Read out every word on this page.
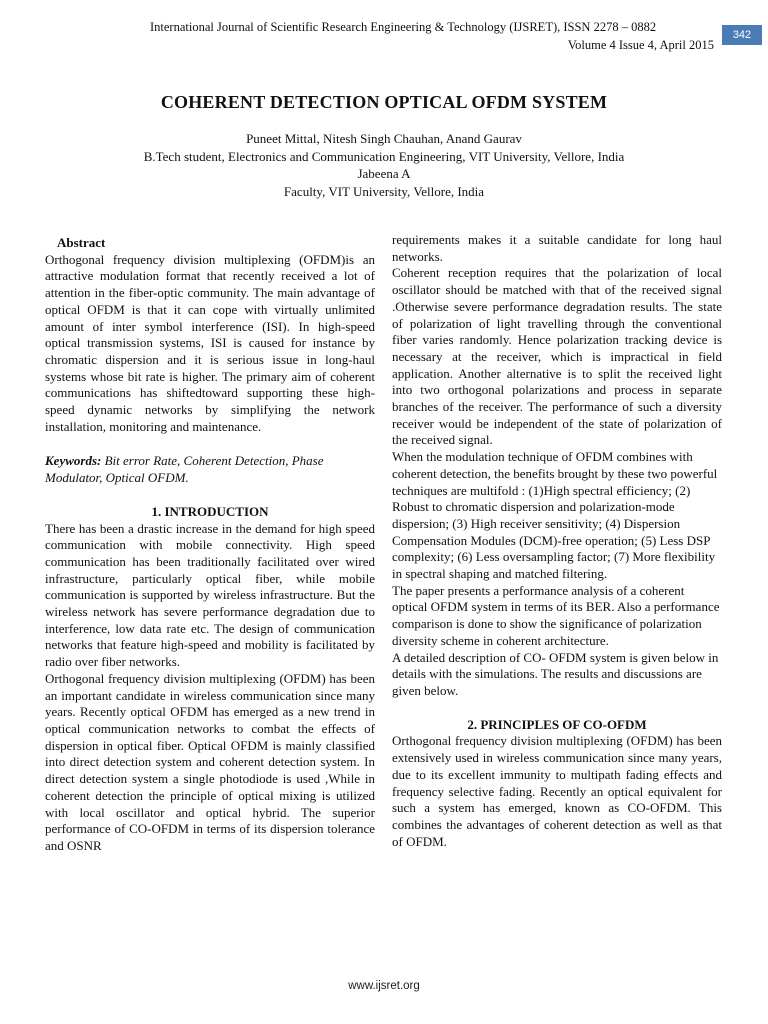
International Journal of Scientific Research Engineering & Technology (IJSRET), ISSN 2278 – 0882
Volume 4 Issue 4, April 2015
342
COHERENT DETECTION OPTICAL OFDM SYSTEM
Puneet Mittal, Nitesh Singh Chauhan, Anand Gaurav
B.Tech student, Electronics and Communication Engineering, VIT University, Vellore, India
Jabeena A
Faculty, VIT University, Vellore, India

Abstract

Orthogonal frequency division multiplexing (OFDM)is an attractive modulation format that recently received a lot of attention in the fiber-optic community. The main advantage of optical OFDM is that it can cope with virtually unlimited amount of inter symbol interference (ISI). In high-speed optical transmission systems, ISI is caused for instance by chromatic dispersion and it is serious issue in long-haul systems whose bit rate is higher. The primary aim of coherent communications has shiftedtoward supporting these high-speed dynamic networks by simplifying the network installation, monitoring and maintenance.

Keywords: Bit error Rate, Coherent Detection, Phase Modulator, Optical OFDM.

1. INTRODUCTION

There has been a drastic increase in the demand for high speed communication with mobile connectivity. High speed communication has been traditionally facilitated over wired infrastructure, particularly optical fiber, while mobile communication is supported by wireless infrastructure. But the wireless network has severe performance degradation due to interference, low data rate etc. The design of communication networks that feature high-speed and mobility is facilitated by radio over fiber networks.

Orthogonal frequency division multiplexing (OFDM) has been an important candidate in wireless communication since many years. Recently optical OFDM has emerged as a new trend in optical communication networks to combat the effects of dispersion in optical fiber. Optical OFDM is mainly classified into direct detection system and coherent detection system. In direct detection system a single photodiode is used ,While in coherent detection the principle of optical mixing is utilized with local oscillator and optical hybrid. The superior performance of CO-OFDM in terms of its dispersion tolerance and OSNR

requirements makes it a suitable candidate for long haul networks.

Coherent reception requires that the polarization of local oscillator should be matched with that of the received signal .Otherwise severe performance degradation results. The state of polarization of light travelling through the conventional fiber varies randomly. Hence polarization tracking device is necessary at the receiver, which is impractical in field application. Another alternative is to split the received light into two orthogonal polarizations and process in separate branches of the receiver. The performance of such a diversity receiver would be independent of the state of polarization of the received signal.

When the modulation technique of OFDM combines with coherent detection, the benefits brought by these two powerful techniques are multifold : (1)High spectral efficiency; (2) Robust to chromatic dispersion and polarization-mode dispersion; (3) High receiver sensitivity; (4) Dispersion Compensation Modules (DCM)-free operation; (5) Less DSP complexity; (6) Less oversampling factor; (7) More flexibility in spectral shaping and matched filtering.

The paper presents a performance analysis of a coherent optical OFDM system in terms of its BER. Also a performance comparison is done to show the significance of polarization diversity scheme in coherent architecture.

A detailed description of CO- OFDM system is given below in details with the simulations. The results and discussions are given below.

2. PRINCIPLES OF CO-OFDM

Orthogonal frequency division multiplexing (OFDM) has been extensively used in wireless communication since many years, due to its excellent immunity to multipath fading effects and frequency selective fading. Recently an optical equivalent for such a system has emerged, known as CO-OFDM. This combines the advantages of coherent detection as well as that of OFDM.

www.ijsret.org
